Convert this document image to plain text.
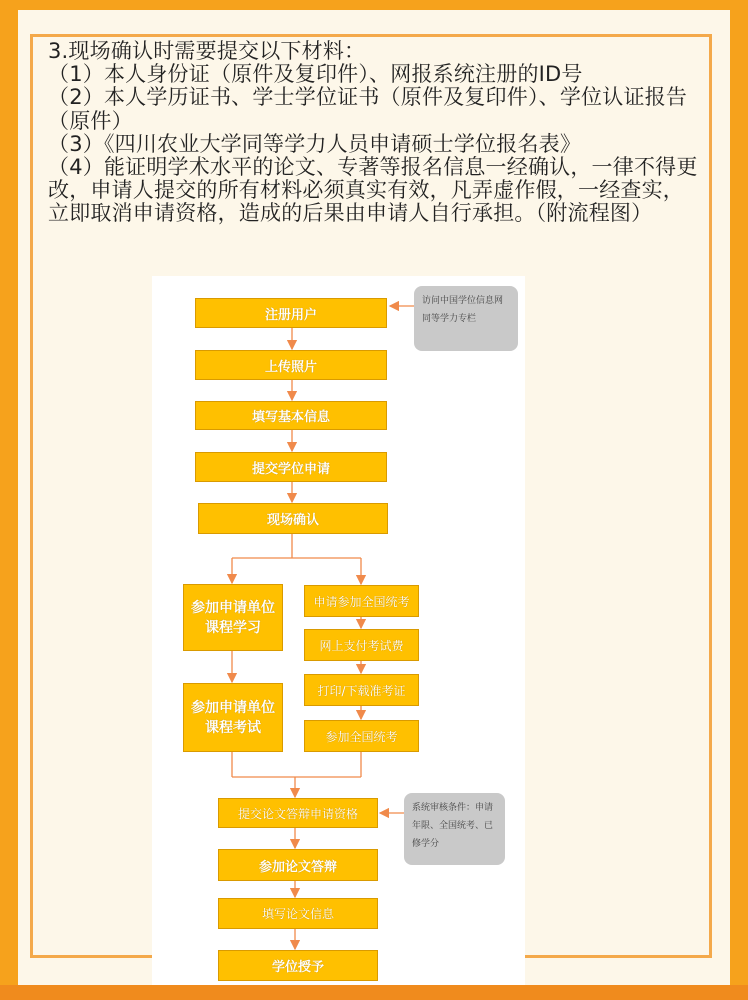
3.现场确认时需要提交以下材料：

（1）本人身份证（原件及复印件）、网报系统注册的ID号

（2）本人学历证书、学士学位证书（原件及复印件）、学位认证报告（原件）

（3）《四川农业大学同等学力人员申请硕士学位报名表》

（4）能证明学术水平的论文、专著等报名信息一经确认，一律不得更改，申请人提交的所有材料必须真实有效，凡弄虚作假，一经查实，立即取消申请资格，造成的后果由申请人自行承担。（附流程图）

注册用户
上传照片
填写基本信息
提交学位申请
现场确认
参加申请单位课程学习
参加申请单位课程考试
申请参加全国统考
网上支付考试费
打印/下载准考证
参加全国统考
提交论文答辩申请资格
参加论文答辩
填写论文信息
学位授予
访问中国学位信息网同等学力专栏
系统审核条件：申请年限、全国统考、已修学分
